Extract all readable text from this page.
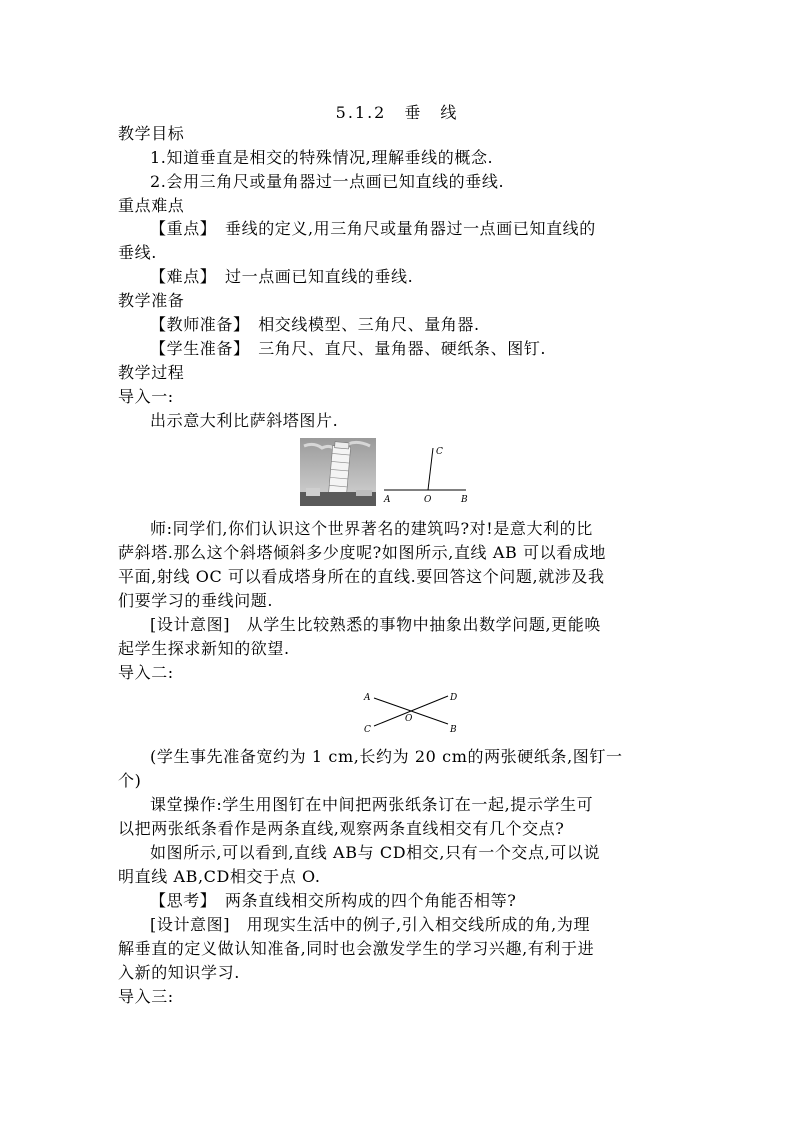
5.1.2　垂　线
教学目标
1.知道垂直是相交的特殊情况,理解垂线的概念.
2.会用三角尺或量角器过一点画已知直线的垂线.
重点难点
【重点】　垂线的定义,用三角尺或量角器过一点画已知直线的
垂线.
【难点】　过一点画已知直线的垂线.
教学准备
【教师准备】　相交线模型、三角尺、量角器.
【学生准备】　三角尺、直尺、量角器、硬纸条、图钉.
教学过程
导入一:
出示意大利比萨斜塔图片.
A	O	B
C
师:同学们,你们认识这个世界著名的建筑吗?对!是意大利的比
萨斜塔.那么这个斜塔倾斜多少度呢?如图所示,直线 AB 可以看成地
平面,射线 OC 可以看成塔身所在的直线.要回答这个问题,就涉及我
们要学习的垂线问题.
[设计意图]　从学生比较熟悉的事物中抽象出数学问题,更能唤
起学生探求新知的欲望.
导入二:
A	D
O
C	B
(学生事先准备宽约为 1 cm,长约为 20 cm的两张硬纸条,图钉一
个)
课堂操作:学生用图钉在中间把两张纸条订在一起,提示学生可
以把两张纸条看作是两条直线,观察两条直线相交有几个交点?
如图所示,可以看到,直线 AB与 CD相交,只有一个交点,可以说
明直线 AB,CD相交于点 O.
【思考】　两条直线相交所构成的四个角能否相等?
[设计意图]　用现实生活中的例子,引入相交线所成的角,为理
解垂直的定义做认知准备,同时也会激发学生的学习兴趣,有利于进
入新的知识学习.
导入三:
